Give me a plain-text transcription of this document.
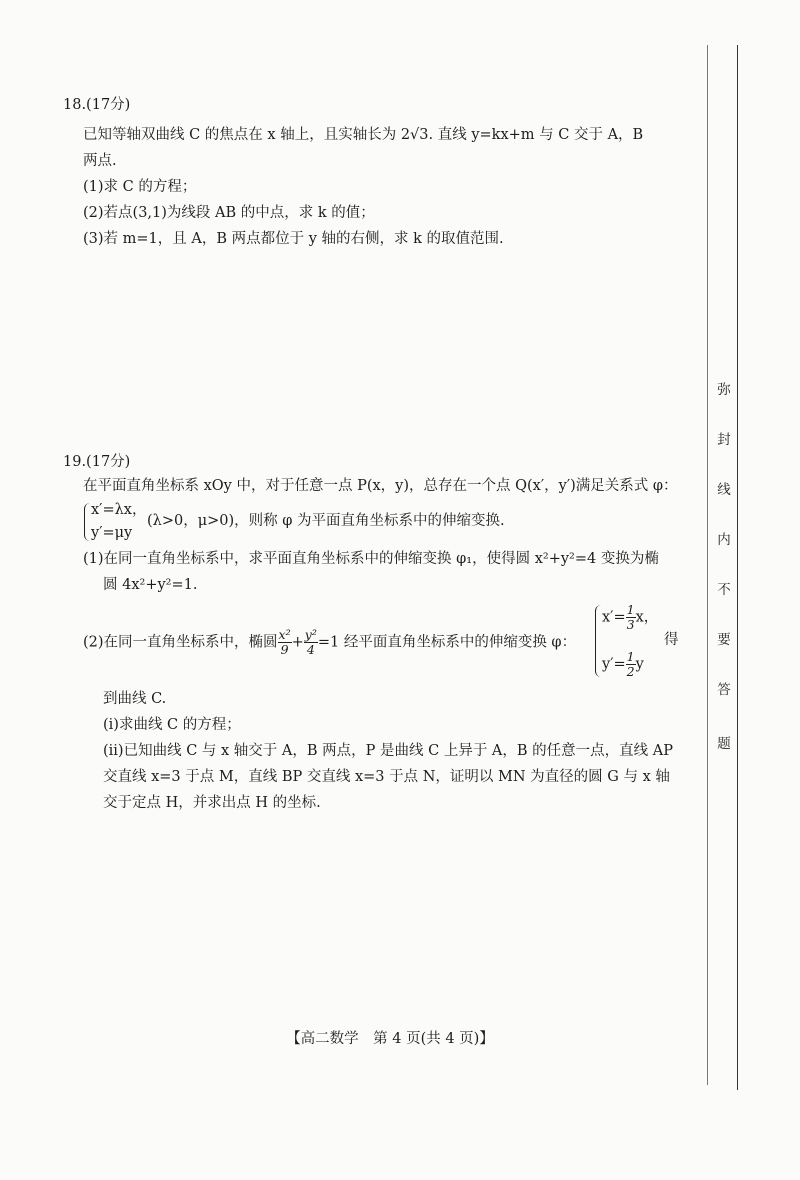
18.(17分)
已知等轴双曲线 C 的焦点在 x 轴上，且实轴长为 2√3. 直线 y=kx+m 与 C 交于 A，B
两点.
(1)求 C 的方程；
(2)若点(3,1)为线段 AB 的中点，求 k 的值；
(3)若 m=1，且 A，B 两点都位于 y 轴的右侧，求 k 的取值范围.
19.(17分)
在平面直角坐标系 xOy 中，对于任意一点 P(x，y)，总存在一个点 Q(x′，y′)满足关系式 φ：
x′=λx，
y′=μy
(λ>0，μ>0)，则称 φ 为平面直角坐标系中的伸缩变换.
(1)在同一直角坐标系中，求平面直角坐标系中的伸缩变换 φ₁，使得圆 x²+y²=4 变换为椭
圆 4x²+y²=1.
(2)在同一直角坐标系中，椭圆 $\frac{\text{x²}}{9} + \frac{\text{y²}}{4} =1$ 经平面直角坐标系中的伸缩变换 φ：
$x'= \frac{1}{3}$ x，
$y'= \frac{1}{2}$ y
得
到曲线 C.
(i)求曲线 C 的方程；
(ii)已知曲线 C 与 x 轴交于 A，B 两点，P 是曲线 C 上异于 A，B 的任意一点，直线 AP
交直线 x=3 于点 M，直线 BP 交直线 x=3 于点 N，证明以 MN 为直径的圆 G 与 x 轴
交于定点 H，并求出点 H 的坐标.
弥
封
线
内
不
要
答
题
【高二数学　第 4 页(共 4 页)】
